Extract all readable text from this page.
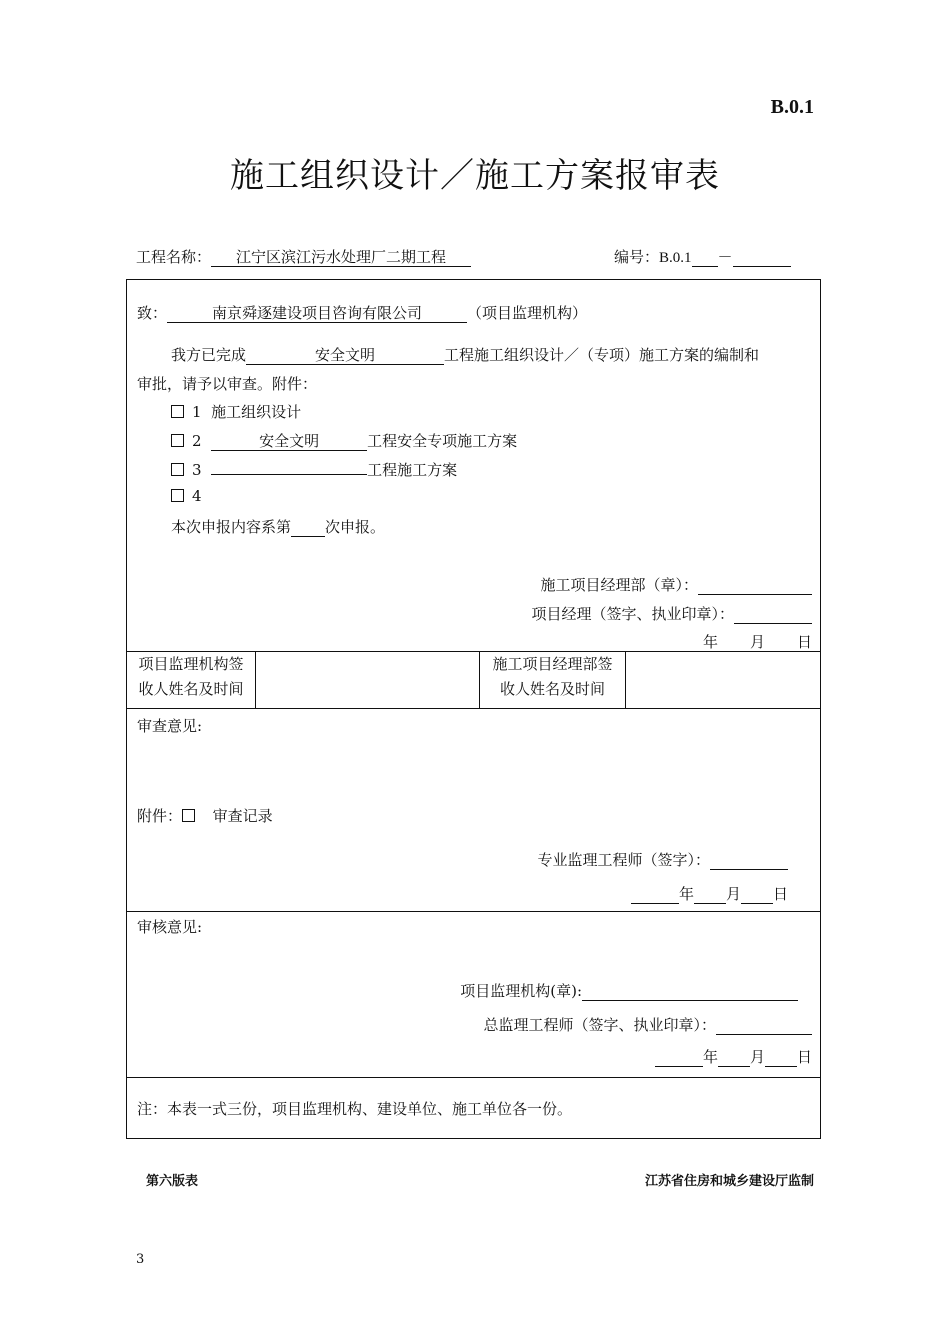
B.0.1
施工组织设计／施工方案报审表
工程名称： 江宁区滨江污水处理厂二期工程	编号：B.0.1 －
致：	南京舜逐建设项目咨询有限公司	（项目监理机构）
我方已完成	安全文明	工程施工组织设计／（专项）施工方案的编制和
审批，请予以审查。附件：
1 施工组织设计
2	安全文明	工程安全专项施工方案
3	工程施工方案
4
本次申报内容系第 次申报。
施工项目经理部（章）：
项目经理（签字、执业印章）：
年 月 日

项目监理机构签
收人姓名及时间

施工项目经理部签
收人姓名及时间

审查意见:
附件： 审查记录
专业监理工程师（签字）：
年 月 日

审核意见:
项目监理机构(章):
总监理工程师（签字、执业印章）：
年 月 日

注：本表一式三份，项目监理机构、建设单位、施工单位各一份。
第六版表	江苏省住房和城乡建设厅监制
3
